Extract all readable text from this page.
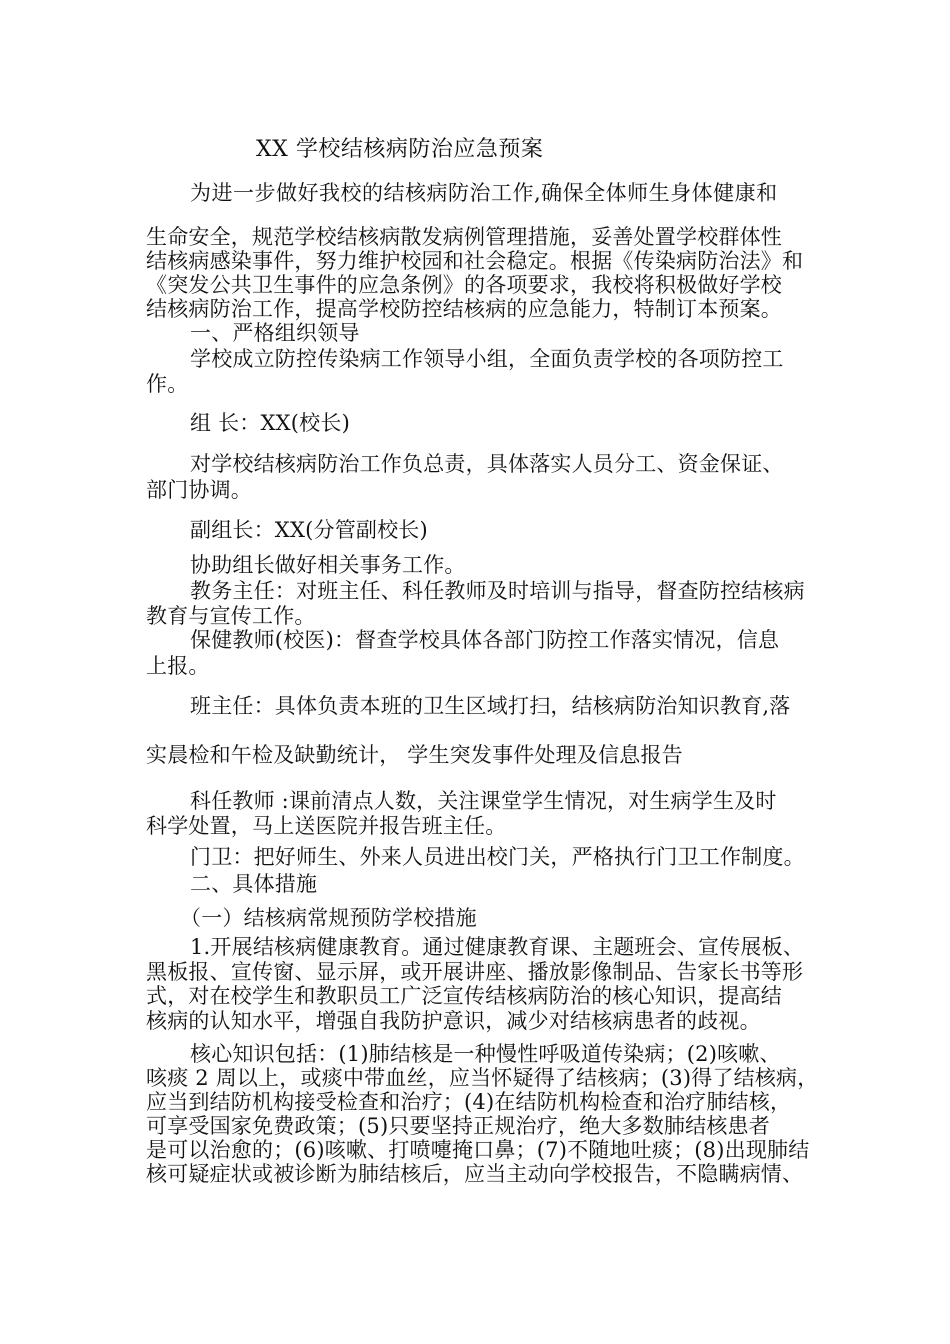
XX 学校结核病防治应急预案
为进一步做好我校的结核病防治工作,确保全体师生身体健康和
生命安全，规范学校结核病散发病例管理措施，妥善处置学校群体性
结核病感染事件，努力维护校园和社会稳定。根据《传染病防治法》和
《突发公共卫生事件的应急条例》的各项要求，我校将积极做好学校
结核病防治工作，提高学校防控结核病的应急能力，特制订本预案。
一、严格组织领导
学校成立防控传染病工作领导小组，全面负责学校的各项防控工
作。
组 长：XX(校长)
对学校结核病防治工作负总责，具体落实人员分工、资金保证、
部门协调。
副组长：XX(分管副校长)
协助组长做好相关事务工作。
教务主任：对班主任、科任教师及时培训与指导，督查防控结核病
教育与宣传工作。
保健教师(校医)：督查学校具体各部门防控工作落实情况，信息
上报。
班主任：具体负责本班的卫生区域打扫，结核病防治知识教育,落
实晨检和午检及缺勤统计， 学生突发事件处理及信息报告
科任教师 :课前清点人数，关注课堂学生情况，对生病学生及时
科学处置，马上送医院并报告班主任。
门卫：把好师生、外来人员进出校门关，严格执行门卫工作制度。
二、具体措施
（一）结核病常规预防学校措施
1.开展结核病健康教育。通过健康教育课、主题班会、宣传展板、
黑板报、宣传窗、显示屏，或开展讲座、播放影像制品、告家长书等形
式，对在校学生和教职员工广泛宣传结核病防治的核心知识，提高结
核病的认知水平，增强自我防护意识，减少对结核病患者的歧视。
核心知识包括：(1)肺结核是一种慢性呼吸道传染病；(2)咳嗽、
咳痰 2 周以上，或痰中带血丝，应当怀疑得了结核病；(3)得了结核病，
应当到结防机构接受检查和治疗；(4)在结防机构检查和治疗肺结核，
可享受国家免费政策；(5)只要坚持正规治疗，绝大多数肺结核患者
是可以治愈的；(6)咳嗽、打喷嚏掩口鼻；(7)不随地吐痰；(8)出现肺结
核可疑症状或被诊断为肺结核后，应当主动向学校报告，不隐瞒病情、
